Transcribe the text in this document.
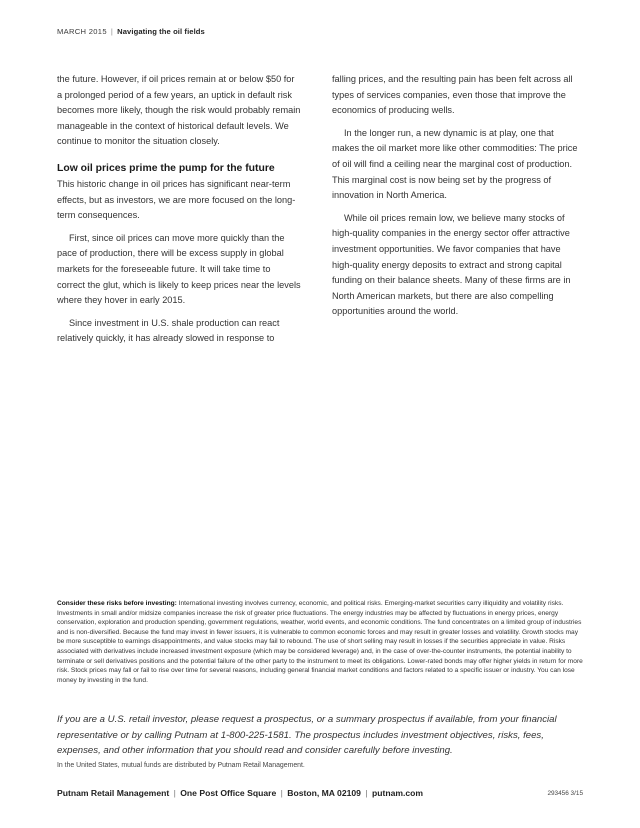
MARCH 2015 | Navigating the oil fields

the future. However, if oil prices remain at or below $50 for a prolonged period of a few years, an uptick in default risk becomes more likely, though the risk would probably remain manageable in the context of historical default levels. We continue to monitor the situation closely.

Low oil prices prime the pump for the future

This historic change in oil prices has significant near-term effects, but as investors, we are more focused on the long-term consequences.

First, since oil prices can move more quickly than the pace of production, there will be excess supply in global markets for the foreseeable future. It will take time to correct the glut, which is likely to keep prices near the levels where they hover in early 2015.

Since investment in U.S. shale production can react relatively quickly, it has already slowed in response to

falling prices, and the resulting pain has been felt across all types of services companies, even those that improve the economics of producing wells.

In the longer run, a new dynamic is at play, one that makes the oil market more like other commodities: The price of oil will find a ceiling near the marginal cost of production. This marginal cost is now being set by the progress of innovation in North America.

While oil prices remain low, we believe many stocks of high-quality companies in the energy sector offer attractive investment opportunities. We favor companies that have high-quality energy deposits to extract and strong capital funding on their balance sheets. Many of these firms are in North American markets, but there are also compelling opportunities around the world.

Consider these risks before investing: International investing involves currency, economic, and political risks. Emerging-market securities carry illiquidity and volatility risks. Investments in small and/or midsize companies increase the risk of greater price fluctuations. The energy industries may be affected by fluctuations in energy prices, energy conservation, exploration and production spending, government regulations, weather, world events, and economic conditions. The fund concentrates on a limited group of industries and is non-diversified. Because the fund may invest in fewer issuers, it is vulnerable to common economic forces and may result in greater losses and volatility. Growth stocks may be more susceptible to earnings disappointments, and value stocks may fail to rebound. The use of short selling may result in losses if the securities appreciate in value. Risks associated with derivatives include increased investment exposure (which may be considered leverage) and, in the case of over-the-counter instruments, the potential inability to terminate or sell derivatives positions and the potential failure of the other party to the instrument to meet its obligations. Lower-rated bonds may offer higher yields in return for more risk. Stock prices may fall or fail to rise over time for several reasons, including general financial market conditions and factors related to a specific issuer or industry. You can lose money by investing in the fund.
If you are a U.S. retail investor, please request a prospectus, or a summary prospectus if available, from your financial representative or by calling Putnam at 1-800-225-1581. The prospectus includes investment objectives, risks, fees, expenses, and other information that you should read and consider carefully before investing.
In the United States, mutual funds are distributed by Putnam Retail Management.
Putnam Retail Management | One Post Office Square | Boston, MA 02109 | putnam.com	293456 3/15
